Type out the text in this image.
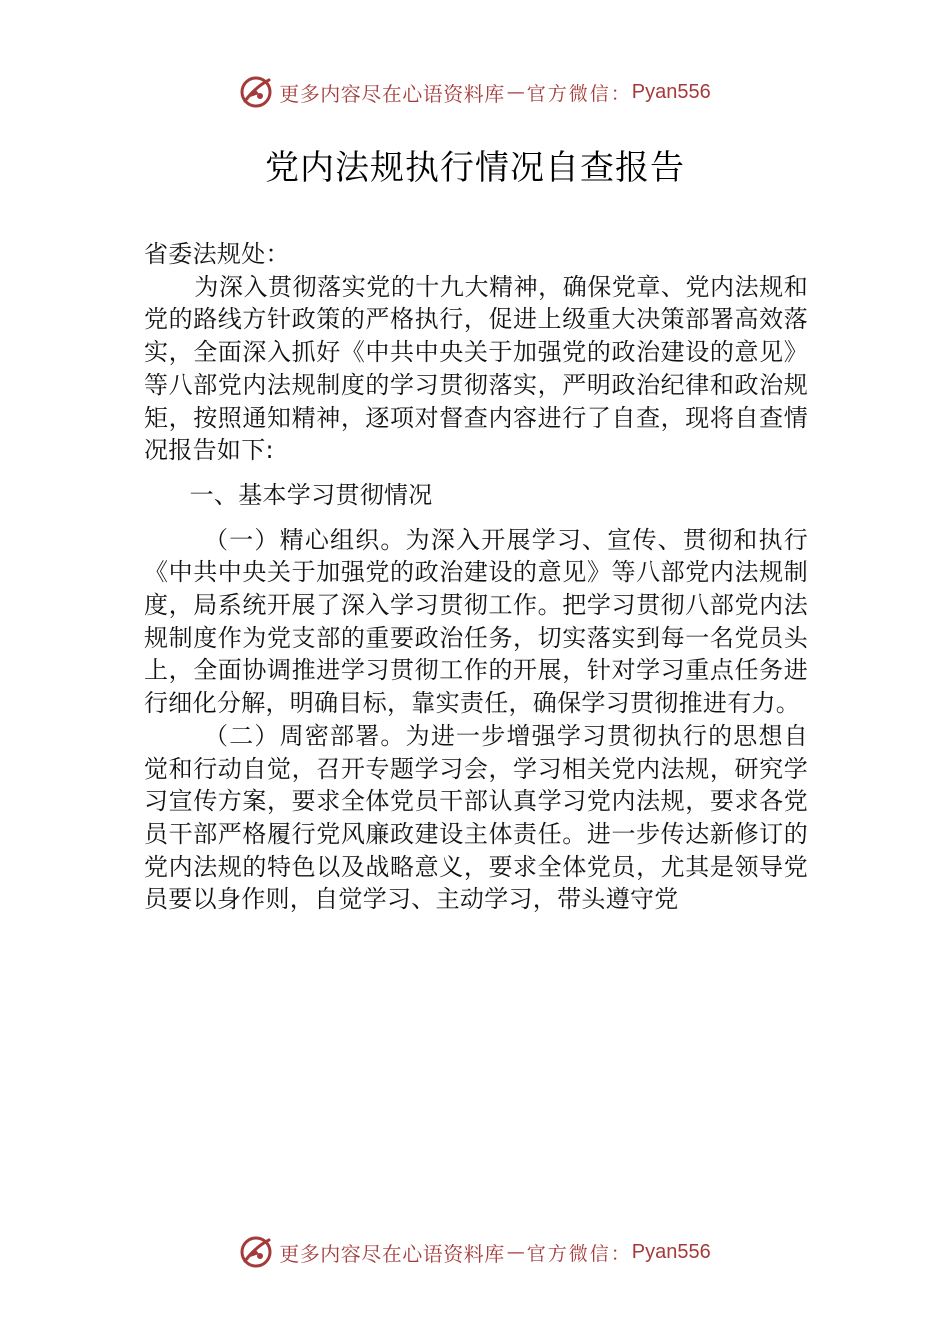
更多内容尽在心语资料库 — 官方微信： Pyan556
党内法规执行情况自查报告

省委法规处：

为深入贯彻落实党的十九大精神，确保党章、党内法规和党的路线方针政策的严格执行，促进上级重大决策部署高效落实，全面深入抓好《中共中央关于加强党的政治建设的意见》等八部党内法规制度的学习贯彻落实，严明政治纪律和政治规矩，按照通知精神，逐项对督查内容进行了自查，现将自查情况报告如下:

一、基本学习贯彻情况

（一）精心组织。为深入开展学习、宣传、贯彻和执行《中共中央关于加强党的政治建设的意见》等八部党内法规制度，局系统开展了深入学习贯彻工作。把学习贯彻八部党内法规制度作为党支部的重要政治任务，切实落实到每一名党员头上，全面协调推进学习贯彻工作的开展，针对学习重点任务进行细化分解，明确目标，靠实责任，确保学习贯彻推进有力。

（二）周密部署。为进一步增强学习贯彻执行的思想自觉和行动自觉，召开专题学习会，学习相关党内法规，研究学习宣传方案，要求全体党员干部认真学习党内法规，要求各党员干部严格履行党风廉政建设主体责任。进一步传达新修订的党内法规的特色以及战略意义，要求全体党员，尤其是领导党员要以身作则，自觉学习、主动学习，带头遵守党

更多内容尽在心语资料库 — 官方微信： Pyan556
